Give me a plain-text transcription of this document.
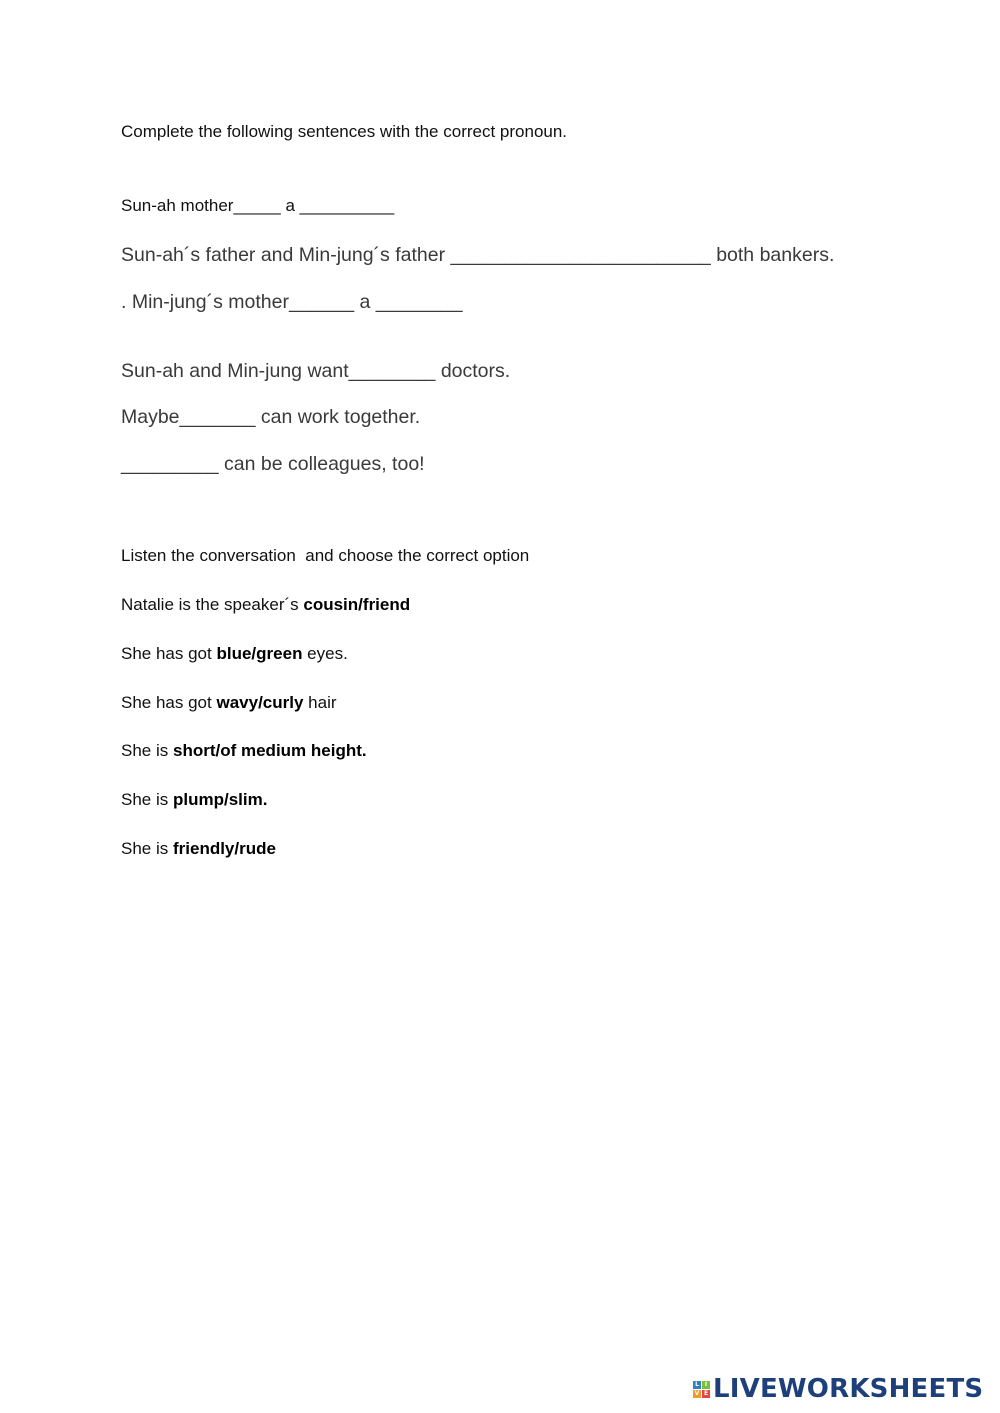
Complete the following sentences with the correct pronoun.
Sun-ah mother_____ a __________
Sun-ah´s father and Min-jung´s father ________________________ both bankers.
. Min-jung´s mother______ a ________
Sun-ah and Min-jung want________ doctors.
Maybe_______ can work together.
_________ can be colleagues, too!
Listen the conversation  and choose the correct option
Natalie is the speaker´s cousin/friend
She has got blue/green eyes.
She has got wavy/curly hair
She is short/of medium height.
She is plump/slim.
She is friendly/rude
L I
V E LIVEWORKSHEETS
